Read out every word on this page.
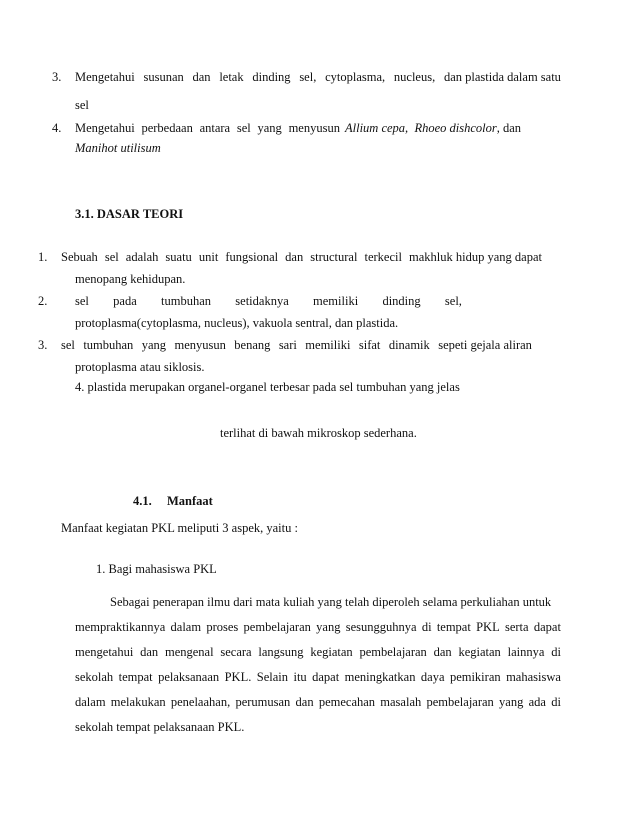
3. Mengetahui susunan dan letak dinding sel, cytoplasma, nucleus, dan plastida dalam satu
sel
4. Mengetahui perbedaan antara sel yang menyusun Allium cepa, Rhoeo dishcolor, dan
Manihot utilisum
3.1. DASAR TEORI
1. Sebuah sel adalah suatu unit fungsional dan structural terkecil makhluk hidup yang dapat
menopang kehidupan.
2. sel pada tumbuhan setidaknya memiliki dinding sel,
protoplasma(cytoplasma, nucleus), vakuola sentral, dan plastida.
3. sel tumbuhan yang menyusun benang sari memiliki sifat dinamik sepeti gejala aliran
protoplasma atau siklosis.
4. plastida merupakan organel-organel terbesar pada sel tumbuhan yang jelas
terlihat di bawah mikroskop sederhana.
4.1. Manfaat
Manfaat kegiatan PKL meliputi 3 aspek, yaitu :
1. Bagi mahasiswa PKL
Sebagai penerapan ilmu dari mata kuliah yang telah diperoleh selama perkuliahan untuk
mempraktikannya dalam proses pembelajaran yang sesungguhnya di tempat PKL serta dapat
mengetahui dan mengenal secara langsung kegiatan pembelajaran dan kegiatan lainnya di
sekolah tempat pelaksanaan PKL. Selain itu dapat meningkatkan daya pemikiran mahasiswa
dalam melakukan penelaahan, perumusan dan pemecahan masalah pembelajaran yang ada di
sekolah tempat pelaksanaan PKL.
